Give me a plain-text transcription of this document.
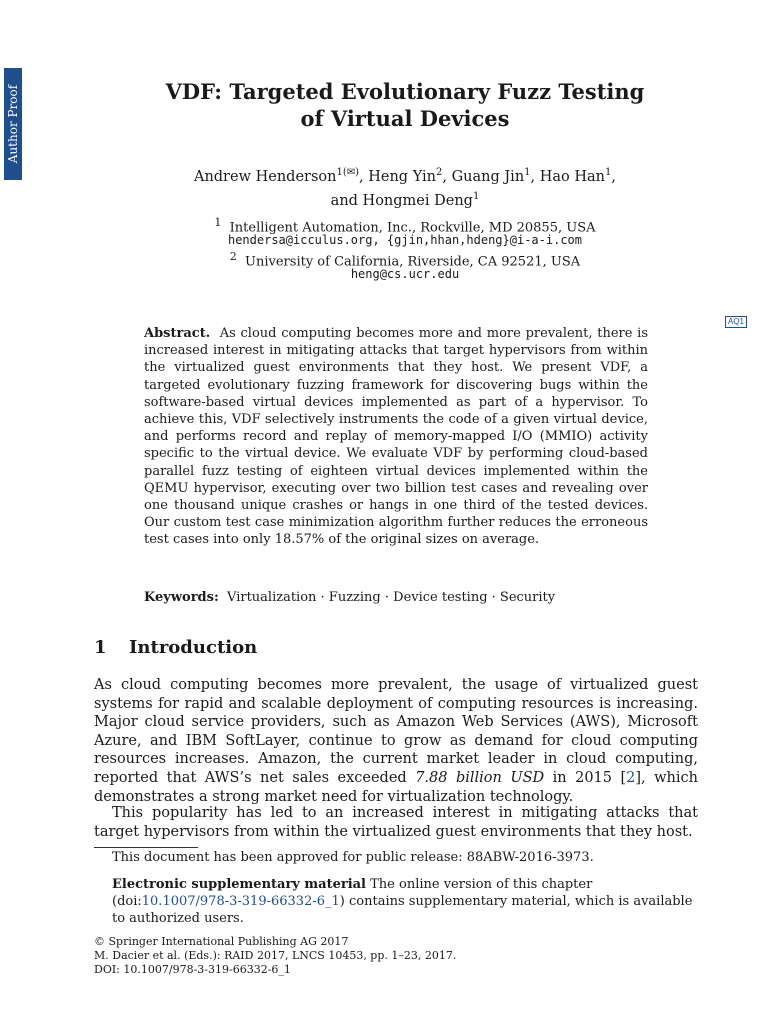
Author Proof	VDF: Targeted Evolutionary Fuzz Testing
of Virtual Devices
Andrew Henderson$^{1(✉)}$, Heng Yin$^2$, Guang Jin$^1$, Hao Han$^1$,
and Hongmei Deng$^1$
$^1$ Intelligent Automation, Inc., Rockville, MD 20855, USA
hendersa@icculus.org, {gjin,hhan,hdeng}@i-a-i.com
$^2$ University of California, Riverside, CA 92521, USA
heng@cs.ucr.edu
AQ1
Abstract. As cloud computing becomes more and more prevalent, there is increased interest in mitigating attacks that target hypervisors from within the virtualized guest environments that they host. We present VDF, a targeted evolutionary fuzzing framework for discovering bugs within the software-based virtual devices implemented as part of a hypervisor. To achieve this, VDF selectively instruments the code of a given virtual device, and performs record and replay of memory-mapped I/O (MMIO) activity specific to the virtual device. We evaluate VDF by performing cloud-based parallel fuzz testing of eighteen virtual devices implemented within the QEMU hypervisor, executing over two billion test cases and revealing over one thousand unique crashes or hangs in one third of the tested devices. Our custom test case minimization algorithm further reduces the erroneous test cases into only 18.57% of the original sizes on average.
Keywords: Virtualization · Fuzzing · Device testing · Security
1 Introduction
As cloud computing becomes more prevalent, the usage of virtualized guest systems for rapid and scalable deployment of computing resources is increasing. Major cloud service providers, such as Amazon Web Services (AWS), Microsoft Azure, and IBM SoftLayer, continue to grow as demand for cloud computing resources increases. Amazon, the current market leader in cloud computing, reported that AWS’s net sales exceeded 7.88 billion USD in 2015 [2], which demonstrates a strong market need for virtualization technology.
This popularity has led to an increased interest in mitigating attacks that target hypervisors from within the virtualized guest environments that they host.
This document has been approved for public release: 88ABW-2016-3973.
Electronic supplementary material The online version of this chapter (doi:10.1007/978-3-319-66332-6_1) contains supplementary material, which is available to authorized users.
© Springer International Publishing AG 2017
M. Dacier et al. (Eds.): RAID 2017, LNCS 10453, pp. 1–23, 2017.
DOI: 10.1007/978-3-319-66332-6_1
